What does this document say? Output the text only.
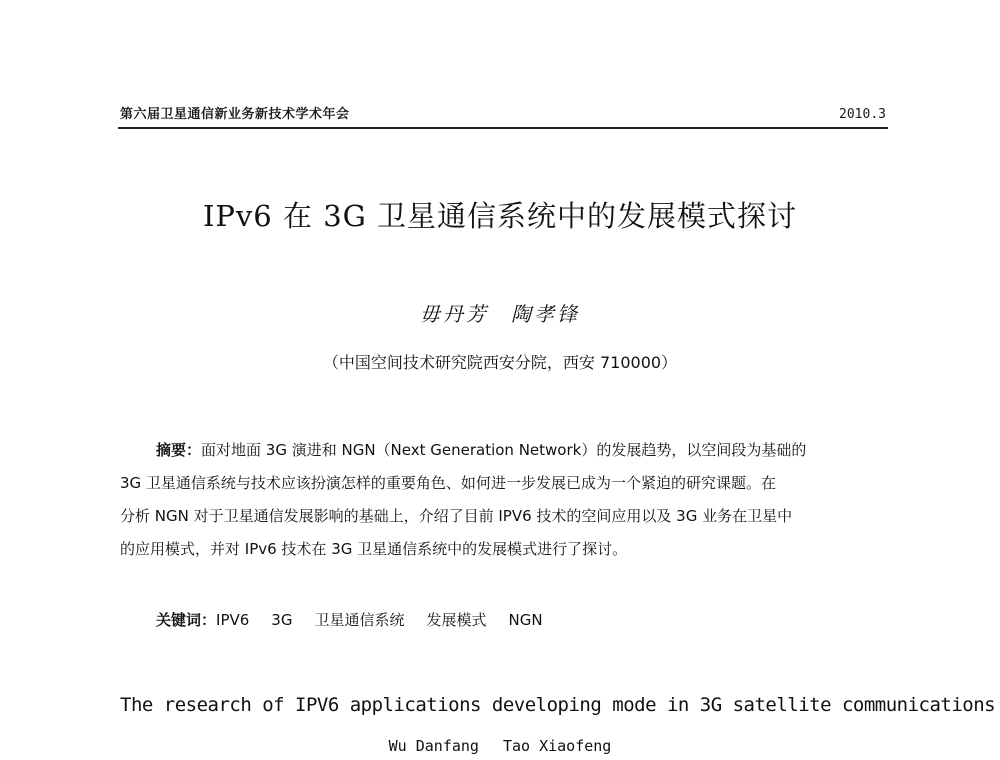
第六届卫星通信新业务新技术学术年会	2010.3
IPv6 在 3G 卫星通信系统中的发展模式探讨
毋丹芳 陶孝锋
（中国空间技术研究院西安分院，西安 710000）
摘要：面对地面 3G 演进和 NGN（Next Generation Network）的发展趋势，以空间段为基础的
3G 卫星通信系统与技术应该扮演怎样的重要角色、如何进一步发展已成为一个紧迫的研究课题。在
分析 NGN 对于卫星通信发展影响的基础上，介绍了目前 IPV6 技术的空间应用以及 3G 业务在卫星中
的应用模式，并对 IPv6 技术在 3G 卫星通信系统中的发展模式进行了探讨。
关键词：IPV6 3G 卫星通信系统 发展模式 NGN
The research of IPV6 applications developing mode in 3G satellite communications
Wu Danfang Tao Xiaofeng
